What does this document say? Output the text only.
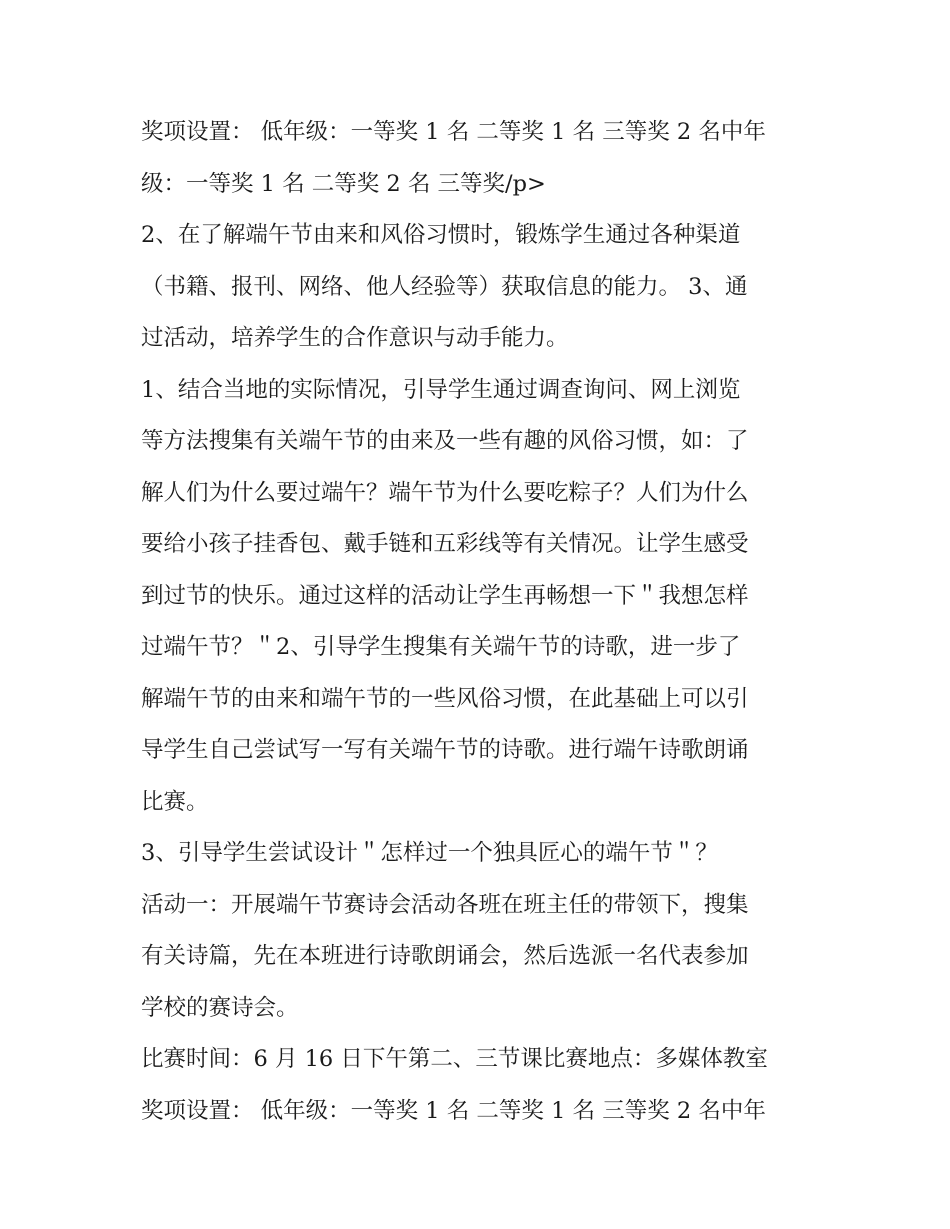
奖项设置： 低年级：一等奖 1 名 二等奖 1 名 三等奖 2 名中年
级：一等奖 1 名 二等奖 2 名 三等奖/p>
2、在了解端午节由来和风俗习惯时，锻炼学生通过各种渠道
（书籍、报刊、网络、他人经验等）获取信息的能力。 3、通
过活动，培养学生的合作意识与动手能力。
1、结合当地的实际情况，引导学生通过调查询问、网上浏览
等方法搜集有关端午节的由来及一些有趣的风俗习惯，如：了
解人们为什么要过端午？端午节为什么要吃粽子？人们为什么
要给小孩子挂香包、戴手链和五彩线等有关情况。让学生感受
到过节的快乐。通过这样的活动让学生再畅想一下＂我想怎样
过端午节？＂2、引导学生搜集有关端午节的诗歌，进一步了
解端午节的由来和端午节的一些风俗习惯，在此基础上可以引
导学生自己尝试写一写有关端午节的诗歌。进行端午诗歌朗诵
比赛。
3、引导学生尝试设计＂怎样过一个独具匠心的端午节＂？
活动一：开展端午节赛诗会活动各班在班主任的带领下，搜集
有关诗篇，先在本班进行诗歌朗诵会，然后选派一名代表参加
学校的赛诗会。
比赛时间：6 月 16 日下午第二、三节课比赛地点：多媒体教室
奖项设置： 低年级：一等奖 1 名 二等奖 1 名 三等奖 2 名中年
